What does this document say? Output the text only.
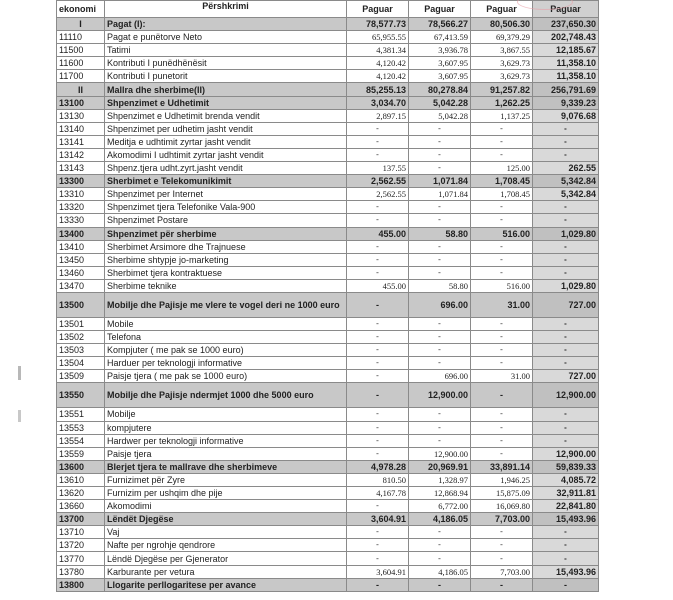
ekonomi	Përshkrimi	Paguar	Paguar	Paguar	Paguar
I	Pagat (I):	78,577.73	78,566.27	80,506.30	237,650.30
11110	Pagat e punëtorve Neto	65,955.55	67,413.59	69,379.29	202,748.43
11500	Tatimi	4,381.34	3,936.78	3,867.55	12,185.67
11600	Kontributi I punëdhënësit	4,120.42	3,607.95	3,629.73	11,358.10
11700	Kontributi I punetorit	4,120.42	3,607.95	3,629.73	11,358.10
II	Mallra dhe sherbime(II)	85,255.13	80,278.84	91,257.82	256,791.69
13100	Shpenzimet e Udhetimit	3,034.70	5,042.28	1,262.25	9,339.23
13130	Shpenzimet e Udhetimit brenda vendit	2,897.15	5,042.28	1,137.25	9,076.68
13140	Shpenzimet per udhetim jasht vendit	-	-	-	-
13141	Meditja e udhtimit zyrtar jasht vendit	-	-	-	-
13142	Akomodimi I udhtimit zyrtar jasht vendit	-	-	-	-
13143	Shpenz.tjera udht.zyrt.jasht vendit	137.55	-	125.00	262.55
13300	Sherbimet e Telekomunikimit	2,562.55	1,071.84	1,708.45	5,342.84
13310	Shpenzimet per Internet	2,562.55	1,071.84	1,708.45	5,342.84
13320	Shpenzimet tjera Telefonike Vala-900	-	-	-	-
13330	Shpenzimet Postare	-	-	-	-
13400	Shpenzimet për sherbime	455.00	58.80	516.00	1,029.80
13410	Sherbimet Arsimore dhe Trajnuese	-	-	-	-
13450	Sherbime shtypje jo-marketing	-	-	-	-
13460	Sherbimet tjera kontraktuese	-	-	-	-
13470	Sherbime teknike	455.00	58.80	516.00	1,029.80
13500	Mobilje dhe Pajisje me vlere te vogel deri ne 1000 euro	-	696.00	31.00	727.00
13501	Mobile	-	-	-	-
13502	Telefona	-	-	-	-
13503	Kompjuter ( me pak se 1000 euro)	-	-	-	-
13504	Harduer per teknologji informative	-	-	-	-
13509	Paisje tjera ( me pak se 1000 euro)	-	696.00	31.00	727.00
13550	Mobilje dhe Pajisje ndermjet 1000 dhe 5000 euro	-	12,900.00	-	12,900.00
13551	Mobilje	-	-	-	-
13553	kompjutere	-	-	-	-
13554	Hardwer per teknologji informative	-	-	-	-
13559	Paisje tjera	-	12,900.00	-	12,900.00
13600	Blerjet tjera te mallrave dhe sherbimeve	4,978.28	20,969.91	33,891.14	59,839.33
13610	Furnizimet për Zyre	810.50	1,328.97	1,946.25	4,085.72
13620	Furnizim per ushqim dhe pije	4,167.78	12,868.94	15,875.09	32,911.81
13660	Akomodimi	-	6,772.00	16,069.80	22,841.80
13700	Lëndët Djegëse	3,604.91	4,186.05	7,703.00	15,493.96
13710	Vaj	-	-	-	-
13720	Nafte per ngrohje qendrore	-	-	-	-
13770	Lëndë Djegëse per Gjenerator	-	-	-	-
13780	Karburante per vetura	3,604.91	4,186.05	7,703.00	15,493.96
13800	Llogarite perllogaritese per avance	-	-	-	-
